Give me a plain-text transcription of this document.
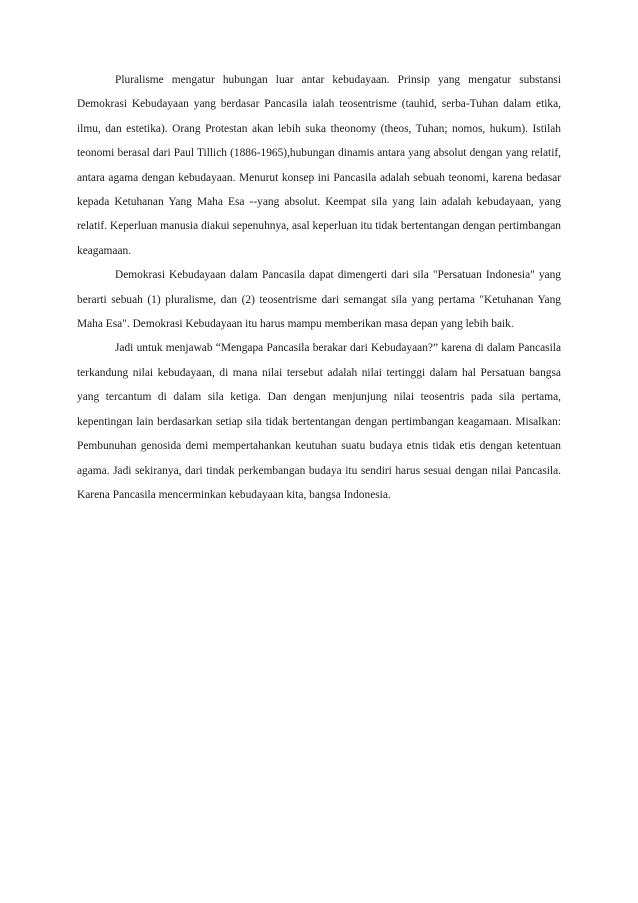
Pluralisme mengatur hubungan luar antar kebudayaan. Prinsip yang mengatur substansi Demokrasi Kebudayaan yang berdasar Pancasila ialah teosentrisme (tauhid, serba-Tuhan dalam etika, ilmu, dan estetika). Orang Protestan akan lebih suka theonomy (theos, Tuhan; nomos, hukum). Istilah teonomi berasal dari Paul Tillich (1886-1965),hubungan dinamis antara yang absolut dengan yang relatif, antara agama dengan kebudayaan. Menurut konsep ini Pancasila adalah sebuah teonomi, karena bedasar kepada Ketuhanan Yang Maha Esa --yang absolut. Keempat sila yang lain adalah kebudayaan, yang relatif. Keperluan manusia diakui sepenuhnya, asal keperluan itu tidak bertentangan dengan pertimbangan keagamaan.

Demokrasi Kebudayaan dalam Pancasila dapat dimengerti dari sila "Persatuan Indonesia" yang berarti sebuah (1) pluralisme, dan (2) teosentrisme dari semangat sila yang pertama "Ketuhanan Yang Maha Esa". Demokrasi Kebudayaan itu harus mampu memberikan masa depan yang lebih baik.

Jadi untuk menjawab “Mengapa Pancasila berakar dari Kebudayaan?” karena di dalam Pancasila terkandung nilai kebudayaan, di mana nilai tersebut adalah nilai tertinggi dalam hal Persatuan bangsa yang tercantum di dalam sila ketiga. Dan dengan menjunjung nilai teosentris pada sila pertama, kepentingan lain berdasarkan setiap sila tidak bertentangan dengan pertimbangan keagamaan. Misalkan: Pembunuhan genosida demi mempertahankan keutuhan suatu budaya etnis tidak etis dengan ketentuan agama. Jadi sekiranya, dari tindak perkembangan budaya itu sendiri harus sesuai dengan nilai Pancasila. Karena Pancasila mencerminkan kebudayaan kita, bangsa Indonesia.
